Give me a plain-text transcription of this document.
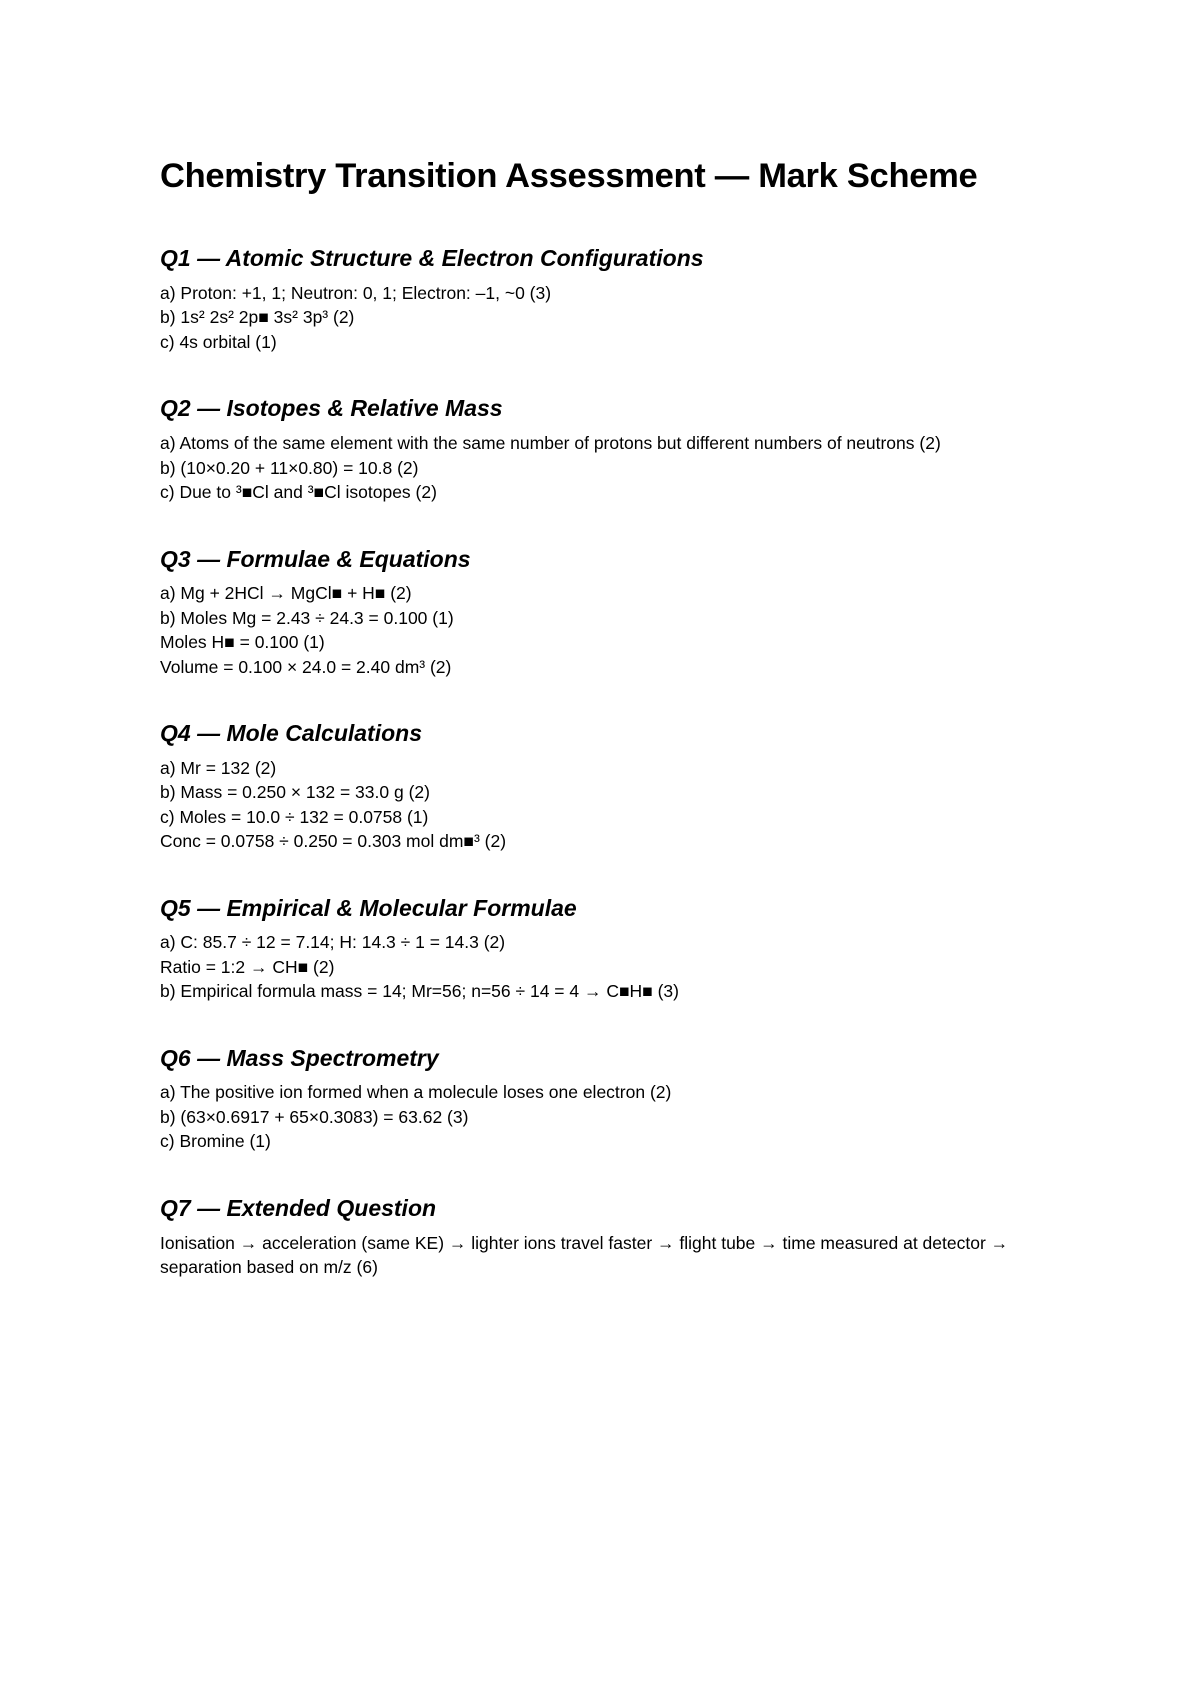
Chemistry Transition Assessment — Mark Scheme
Q1 — Atomic Structure & Electron Configurations

a) Proton: +1, 1; Neutron: 0, 1; Electron: –1, ~0 (3)

b) 1s² 2s² 2p■ 3s² 3p³ (2)

c) 4s orbital (1)

Q2 — Isotopes & Relative Mass

a) Atoms of the same element with the same number of protons but different numbers of neutrons (2)

b) (10×0.20 + 11×0.80) = 10.8 (2)

c) Due to ³■Cl and ³■Cl isotopes (2)

Q3 — Formulae & Equations

a) Mg + 2HCl → MgCl■ + H■ (2)

b) Moles Mg = 2.43 ÷ 24.3 = 0.100 (1)

Moles H■ = 0.100 (1)

Volume = 0.100 × 24.0 = 2.40 dm³ (2)

Q4 — Mole Calculations

a) Mr = 132 (2)

b) Mass = 0.250 × 132 = 33.0 g (2)

c) Moles = 10.0 ÷ 132 = 0.0758 (1)

Conc = 0.0758 ÷ 0.250 = 0.303 mol dm■³ (2)

Q5 — Empirical & Molecular Formulae

a) C: 85.7 ÷ 12 = 7.14; H: 14.3 ÷ 1 = 14.3 (2)

Ratio = 1:2 → CH■ (2)

b) Empirical formula mass = 14; Mr=56; n=56 ÷ 14 = 4 → C■H■ (3)

Q6 — Mass Spectrometry

a) The positive ion formed when a molecule loses one electron (2)

b) (63×0.6917 + 65×0.3083) = 63.62 (3)

c) Bromine (1)

Q7 — Extended Question

Ionisation → acceleration (same KE) → lighter ions travel faster → flight tube → time measured at detector → separation based on m/z (6)
